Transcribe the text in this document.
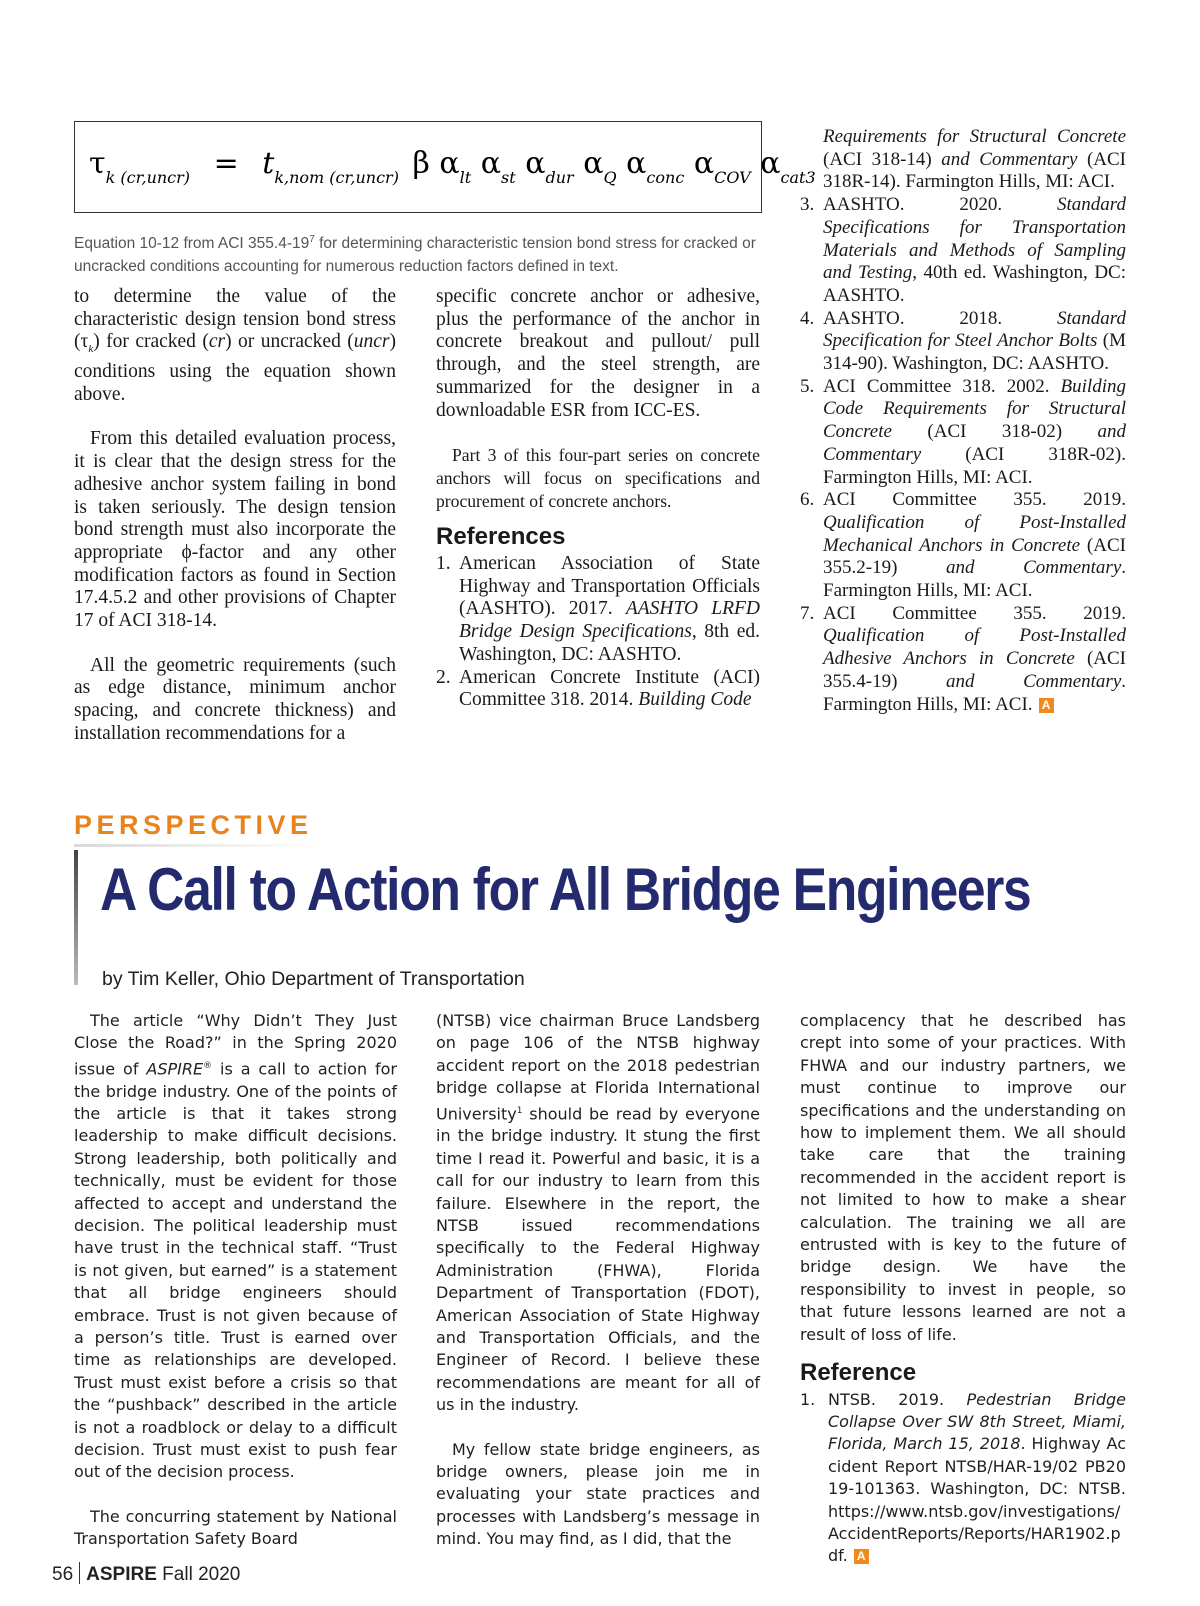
$\tau_{k (cr,uncr)} = t_{k,nom (cr,uncr)}$ β $\alpha_{lt}$ $\alpha_{st}$ $\alpha_{dur}$ $\alpha_Q$ $\alpha_{conc}$ $\alpha_{COV}$ $\alpha_{cat3}$
Equation 10-12 from ACI $355.4-19^7$ for determining characteristic tension bond stress for cracked or uncracked conditions accounting for numerous reduction factors defined in text.

to determine the value of the characteristic design tension bond stress $(\tau_k)$ for cracked (cr) or uncracked (uncr) conditions using the equation shown above.

From this detailed evaluation process, it is clear that the design stress for the adhesive anchor system failing in bond is taken seriously. The design tension bond strength must also incorporate the appropriate ϕ-factor and any other modification factors as found in Section 17.4.5.2 and other provisions of Chapter 17 of ACI 318-14.

All the geometric requirements (such as edge distance, minimum anchor spacing, and concrete thickness) and installation recommendations for a

specific concrete anchor or adhesive, plus the performance of the anchor in concrete breakout and pullout/ pull through, and the steel strength, are summarized for the designer in a downloadable ESR from ICC-ES.

Part 3 of this four-part series on concrete anchors will focus on specifications and procurement of concrete anchors.

References
1. American Association of State Highway and Transportation Officials (AASHTO). 2017. AASHTO LRFD Bridge Design Specifications, 8th ed. Washington, DC: AASHTO.
2. American Concrete Institute (ACI) Committee 318. 2014. Building Code
Requirements for Structural Concrete (ACI 318-14) and Commentary (ACI 318R-14). Farmington Hills, MI: ACI.
3. AASHTO. 2020. Standard Specifications for Transportation Materials and Methods of Sampling and Testing, 40th ed. Washington, DC: AASHTO.
4. AASHTO. 2018. Standard Specification for Steel Anchor Bolts (M 314-90). Washington, DC: AASHTO.
5. ACI Committee 318. 2002. Building Code Requirements for Structural Concrete (ACI 318-02) and Commentary (ACI 318R-02). Farmington Hills, MI: ACI.
6. ACI Committee 355. 2019. Qualification of Post-Installed Mechanical Anchors in Concrete (ACI 355.2-19) and Commentary. Farmington Hills, MI: ACI.
7. ACI Committee 355. 2019. Qualification of Post-Installed Adhesive Anchors in Concrete (ACI 355.4-19) and Commentary. Farmington Hills, MI: ACI. A
PERSPECTIVE
A Call to Action for All Bridge Engineers
by Tim Keller, Ohio Department of Transportation

The article “Why Didn’t They Just Close the Road?” in the Spring 2020 issue of ASPIRE® is a call to action for the bridge industry. One of the points of the article is that it takes strong leadership to make difficult decisions. Strong leadership, both politically and technically, must be evident for those affected to accept and understand the decision. The political leadership must have trust in the technical staff. “Trust is not given, but earned” is a statement that all bridge engineers should embrace. Trust is not given because of a person’s title. Trust is earned over time as relationships are developed. Trust must exist before a crisis so that the “pushback” described in the article is not a roadblock or delay to a difficult decision. Trust must exist to push fear out of the decision process.

The concurring statement by National Transportation Safety Board

(NTSB) vice chairman Bruce Landsberg on page 106 of the NTSB highway accident report on the 2018 pedestrian bridge collapse at Florida International University$^1$ should be read by everyone in the bridge industry. It stung the first time I read it. Powerful and basic, it is a call for our industry to learn from this failure. Elsewhere in the report, the NTSB issued recommendations specifically to the Federal Highway Administration (FHWA), Florida Department of Transportation (FDOT), American Association of State Highway and Transportation Officials, and the Engineer of Record. I believe these recommendations are meant for all of us in the industry.

My fellow state bridge engineers, as bridge owners, please join me in evaluating your state practices and processes with Landsberg’s message in mind. You may find, as I did, that the

complacency that he described has crept into some of your practices. With FHWA and our industry partners, we must continue to improve our specifications and the understanding on how to implement them. We all should take care that the training recommended in the accident report is not limited to how to make a shear calculation. The training we all are entrusted with is key to the future of bridge design. We have the responsibility to invest in people, so that future lessons learned are not a result of loss of life.

Reference
1. NTSB. 2019. Pedestrian Bridge Collapse Over SW 8th Street, Miami, Florida, March 15, 2018. Highway Accident Report NTSB/HAR-19/02 PB2019-101363. Washington, DC: NTSB. https://www.ntsb.gov/investigations/AccidentReports/Reports/HAR1902.pdf. A
56 ASPIRE Fall 2020
